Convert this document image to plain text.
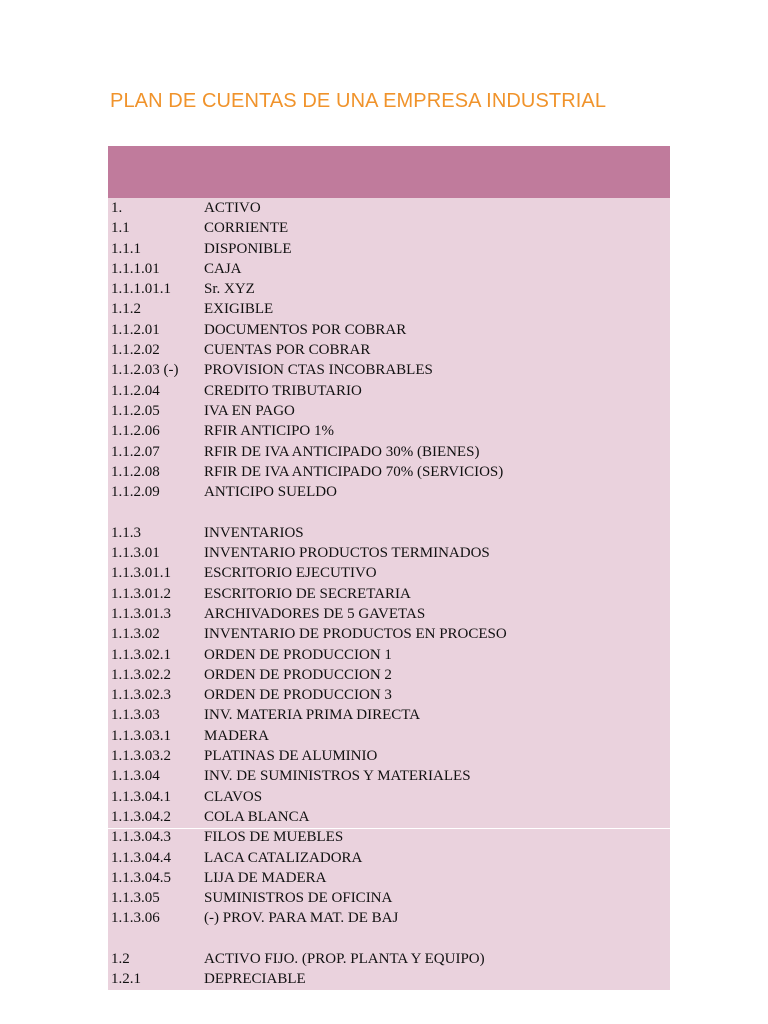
PLAN DE CUENTAS DE UNA EMPRESA INDUSTRIAL
1.	ACTIVO
1.1	CORRIENTE
1.1.1	DISPONIBLE
1.1.1.01	CAJA
1.1.1.01.1	Sr. XYZ
1.1.2	EXIGIBLE
1.1.2.01	DOCUMENTOS POR COBRAR
1.1.2.02	CUENTAS POR COBRAR
1.1.2.03 (-)	PROVISION CTAS INCOBRABLES
1.1.2.04	CREDITO TRIBUTARIO
1.1.2.05	IVA EN PAGO
1.1.2.06	RFIR ANTICIPO 1%
1.1.2.07	RFIR DE IVA ANTICIPADO 30% (BIENES)
1.1.2.08	RFIR DE IVA ANTICIPADO 70% (SERVICIOS)
1.1.2.09	ANTICIPO SUELDO
1.1.3	INVENTARIOS
1.1.3.01	INVENTARIO PRODUCTOS TERMINADOS
1.1.3.01.1	ESCRITORIO EJECUTIVO
1.1.3.01.2	ESCRITORIO DE SECRETARIA
1.1.3.01.3	ARCHIVADORES DE 5 GAVETAS
1.1.3.02	INVENTARIO DE PRODUCTOS EN PROCESO
1.1.3.02.1	ORDEN DE PRODUCCION 1
1.1.3.02.2	ORDEN DE PRODUCCION 2
1.1.3.02.3	ORDEN DE PRODUCCION 3
1.1.3.03	INV. MATERIA PRIMA DIRECTA
1.1.3.03.1	MADERA
1.1.3.03.2	PLATINAS DE ALUMINIO
1.1.3.04	INV. DE SUMINISTROS Y MATERIALES
1.1.3.04.1	CLAVOS
1.1.3.04.2	COLA BLANCA
1.1.3.04.3	FILOS DE MUEBLES
1.1.3.04.4	LACA CATALIZADORA
1.1.3.04.5	LIJA DE MADERA
1.1.3.05	SUMINISTROS DE OFICINA
1.1.3.06	(-) PROV. PARA MAT. DE BAJ
1.2	ACTIVO FIJO. (PROP. PLANTA Y EQUIPO)
1.2.1	DEPRECIABLE
